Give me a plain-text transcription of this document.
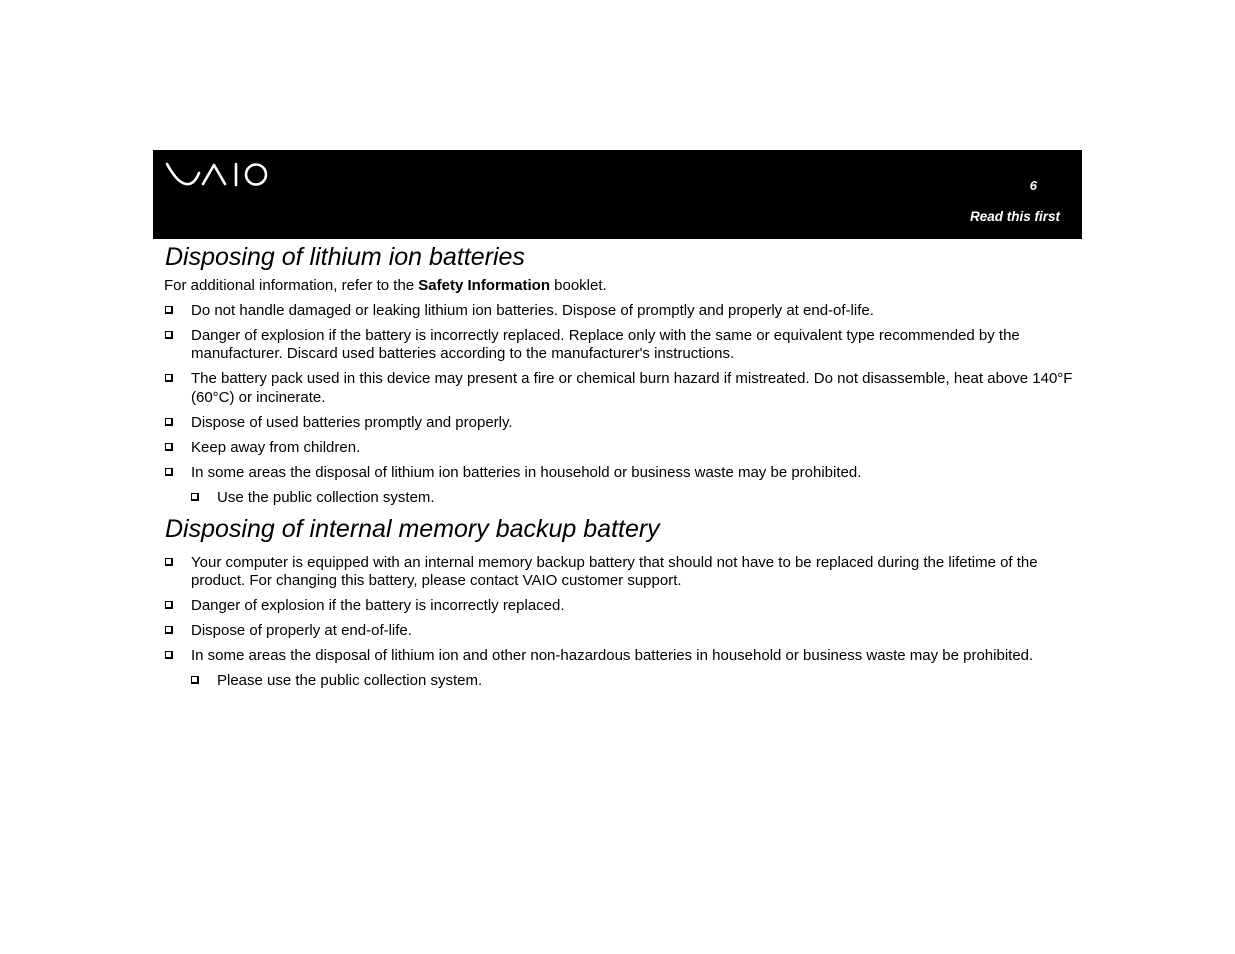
6
Read this first
Disposing of lithium ion batteries

For additional information, refer to the Safety Information booklet.

Do not handle damaged or leaking lithium ion batteries. Dispose of promptly and properly at end-of-life.
Danger of explosion if the battery is incorrectly replaced. Replace only with the same or equivalent type recommended by the manufacturer. Discard used batteries according to the manufacturer's instructions.
The battery pack used in this device may present a fire or chemical burn hazard if mistreated. Do not disassemble, heat above 140°F (60°C) or incinerate.
Dispose of used batteries promptly and properly.
Keep away from children.
In some areas the disposal of lithium ion batteries in household or business waste may be prohibited.
Use the public collection system.
Disposing of internal memory backup battery
Your computer is equipped with an internal memory backup battery that should not have to be replaced during the lifetime of the product. For changing this battery, please contact VAIO customer support.
Danger of explosion if the battery is incorrectly replaced.
Dispose of properly at end-of-life.
In some areas the disposal of lithium ion and other non-hazardous batteries in household or business waste may be prohibited.
Please use the public collection system.
